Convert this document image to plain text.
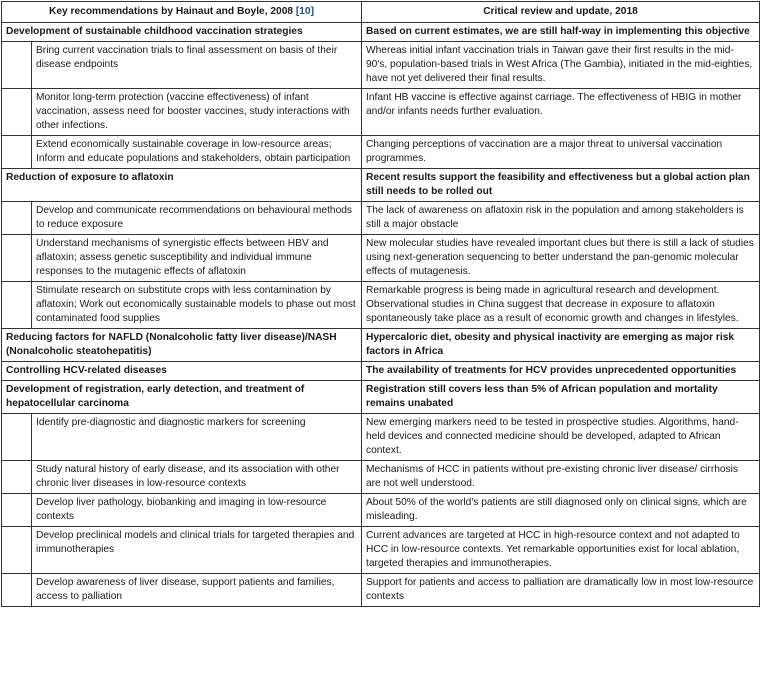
Key recommendations by Hainaut and Boyle, 2008 [10]		Critical review and update, 2018
Development of sustainable childhood vaccination strategies		Based on current estimates, we are still half-way in implementing this objective
	Bring current vaccination trials to final assessment on basis of their disease endpoints	Whereas initial infant vaccination trials in Taiwan gave their first results in the mid-90's, population-based trials in West Africa (The Gambia), initiated in the mid-eighties, have not yet delivered their final results.
	Monitor long-term protection (vaccine effectiveness) of infant vaccination, assess need for booster vaccines, study interactions with other infections.	Infant HB vaccine is effective against carriage. The effectiveness of HBIG in mother and/or infants needs further evaluation.
	Extend economically sustainable coverage in low-resource areas; Inform and educate populations and stakeholders, obtain participation	Changing perceptions of vaccination are a major threat to universal vaccination programmes.
Reduction of exposure to aflatoxin		Recent results support the feasibility and effectiveness but a global action plan still needs to be rolled out
	Develop and communicate recommendations on behavioural methods to reduce exposure	The lack of awareness on aflatoxin risk in the population and among stakeholders is still a major obstacle
	Understand mechanisms of synergistic effects between HBV and aflatoxin; assess genetic susceptibility and individual immune responses to the mutagenic effects of aflatoxin	New molecular studies have revealed important clues but there is still a lack of studies using next-generation sequencing to better understand the pan-genomic molecular effects of mutagenesis.
	Stimulate research on substitute crops with less contamination by aflatoxin; Work out economically sustainable models to phase out most contaminated food supplies	Remarkable progress is being made in agricultural research and development. Observational studies in China suggest that decrease in exposure to aflatoxin spontaneously take place as a result of economic growth and changes in lifestyles.
Reducing factors for NAFLD (Nonalcoholic fatty liver disease)/NASH (Nonalcoholic steatohepatitis)		Hypercaloric diet, obesity and physical inactivity are emerging as major risk factors in Africa
Controlling HCV-related diseases		The availability of treatments for HCV provides unprecedented opportunities
Development of registration, early detection, and treatment of hepatocellular carcinoma		Registration still covers less than 5% of African population and mortality remains unabated
	Identify pre-diagnostic and diagnostic markers for screening	New emerging markers need to be tested in prospective studies. Algorithms, hand-held devices and connected medicine should be developed, adapted to African context.
	Study natural history of early disease, and its association with other chronic liver diseases in low-resource contexts	Mechanisms of HCC in patients without pre-existing chronic liver disease/ cirrhosis are not well understood.
	Develop liver pathology, biobanking and imaging in low-resource contexts	About 50% of the world's patients are still diagnosed only on clinical signs, which are misleading.
	Develop preclinical models and clinical trials for targeted therapies and immunotherapies	Current advances are targeted at HCC in high-resource context and not adapted to HCC in low-resource contexts. Yet remarkable opportunities exist for local ablation, targeted therapies and immunotherapies.
	Develop awareness of liver disease, support patients and families, access to palliation	Support for patients and access to palliation are dramatically low in most low-resource contexts
